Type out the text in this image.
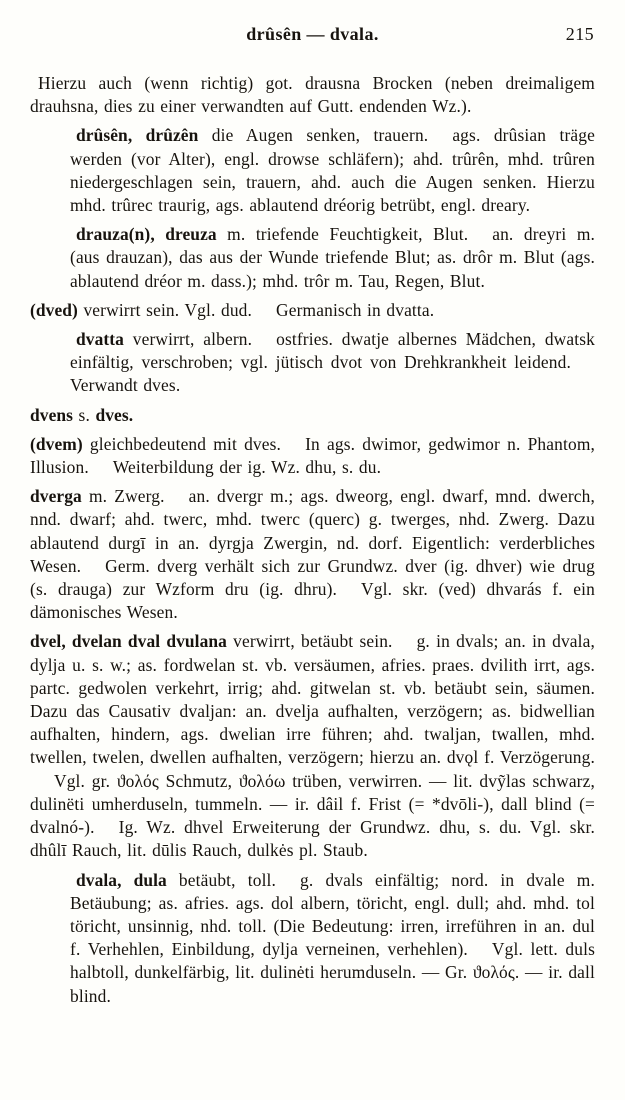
drûsên — dvala.	215

Hierzu auch (wenn richtig) got. drausna Brocken (neben dreimaligem drauhsna, dies zu einer verwandten auf Gutt. endenden Wz.).

drûsên, drûzên die Augen senken, trauern. ags. drûsian träge werden (vor Alter), engl. drowse schläfern); ahd. trûrên, mhd. trûren niedergeschlagen sein, trauern, ahd. auch die Augen senken. Hierzu mhd. trûrec traurig, ags. ablautend dréorig betrübt, engl. dreary.

drauza(n), dreuza m. triefende Feuchtigkeit, Blut. an. dreyri m. (aus drauzan), das aus der Wunde triefende Blut; as. drôr m. Blut (ags. ablautend dréor m. dass.); mhd. trôr m. Tau, Regen, Blut.

(dved) verwirrt sein. Vgl. dud. Germanisch in dvatta.

dvatta verwirrt, albern. ostfries. dwatje albernes Mädchen, dwatsk einfältig, verschroben; vgl. jütisch dvot von Drehkrankheit leidend.Verwandt dves.

dvens s. dves.

(dvem) gleichbedeutend mit dves. In ags. dwimor, gedwimor n. Phantom, Illusion. Weiterbildung der ig. Wz. dhu, s. du.

dverga m. Zwerg. an. dvergr m.; ags. dweorg, engl. dwarf, mnd. dwerch, nnd. dwarf; ahd. twerc, mhd. twerc (querc) g. twerges, nhd. Zwerg. Dazu ablautend durgī in an. dyrgja Zwergin, nd. dorf. Eigentlich: verderbliches Wesen. Germ. dverg verhält sich zur Grundwz. dver (ig. dhver) wie drug (s. drauga) zur Wzform dru (ig. dhru). Vgl. skr. (ved) dhvarás f. ein dämonisches Wesen.

dvel, dvelan dval dvulana verwirrt, betäubt sein. g. in dvals; an. in dvala, dylja u. s. w.; as. fordwelan st. vb. versäumen, afries. praes. dvilith irrt, ags. partc. gedwolen verkehrt, irrig; ahd. gitwelan st. vb. betäubt sein, säumen. Dazu das Causativ dvaljan: an. dvelja aufhalten, verzögern; as. bidwellian aufhalten, hindern, ags. dwelian irre führen; ahd. twaljan, twallen, mhd. twellen, twelen, dwellen aufhalten, verzögern; hierzu an. dvǫl f. Verzögerung.Vgl. gr. ϑολός Schmutz, ϑολόω trüben, verwirren. — lit. dvỹlas schwarz, dulinëti umherduseln, tummeln. — ir. dâil f. Frist (= *dvōli-), dall blind (= dvalnó-). Ig. Wz. dhvel Erweiterung der Grundwz. dhu, s. du. Vgl. skr. dhûlī Rauch, lit. dūlis Rauch, dulkės pl. Staub.

dvala, dula betäubt, toll. g. dvals einfältig; nord. in dvale m. Betäubung; as. afries. ags. dol albern, töricht, engl. dull; ahd. mhd. tol töricht, unsinnig, nhd. toll. (Die Bedeutung: irren, irreführen in an. dul f. Verhehlen, Einbildung, dylja verneinen, verhehlen). Vgl. lett. duls halbtoll, dunkelfärbig, lit. dulinėti herumduseln. — Gr. ϑολός. — ir. dall blind.
